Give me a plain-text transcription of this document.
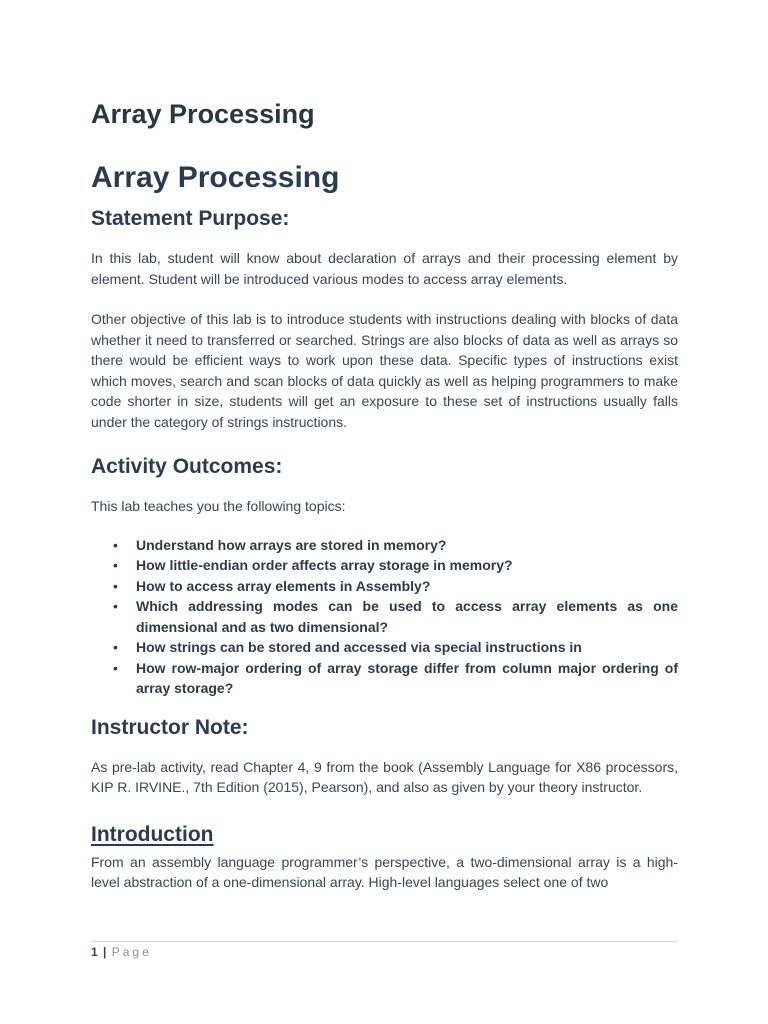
Array Processing
Array Processing
Statement Purpose:

In this lab, student will know about declaration of arrays and their processing element by element. Student will be introduced various modes to access array elements.

Other objective of this lab is to introduce students with instructions dealing with blocks of data whether it need to transferred or searched. Strings are also blocks of data as well as arrays so there would be efficient ways to work upon these data. Specific types of instructions exist which moves, search and scan blocks of data quickly as well as helping programmers to make code shorter in size, students will get an exposure to these set of instructions usually falls under the category of strings instructions.

Activity Outcomes:

This lab teaches you the following topics:

• Understand how arrays are stored in memory?
• How little-endian order affects array storage in memory?
• How to access array elements in Assembly?
• Which addressing modes can be used to access array elements as one dimensional and as two dimensional?
• How strings can be stored and accessed via special instructions in
• How row-major ordering of array storage differ from column major ordering of array storage?
Instructor Note:

As pre-lab activity, read Chapter 4, 9 from the book (Assembly Language for X86 processors, KIP R. IRVINE., 7th Edition (2015), Pearson), and also as given by your theory instructor.

Introduction

From an assembly language programmer’s perspective, a two-dimensional array is a high-level abstraction of a one-dimensional array. High-level languages select one of two

1 | Page
